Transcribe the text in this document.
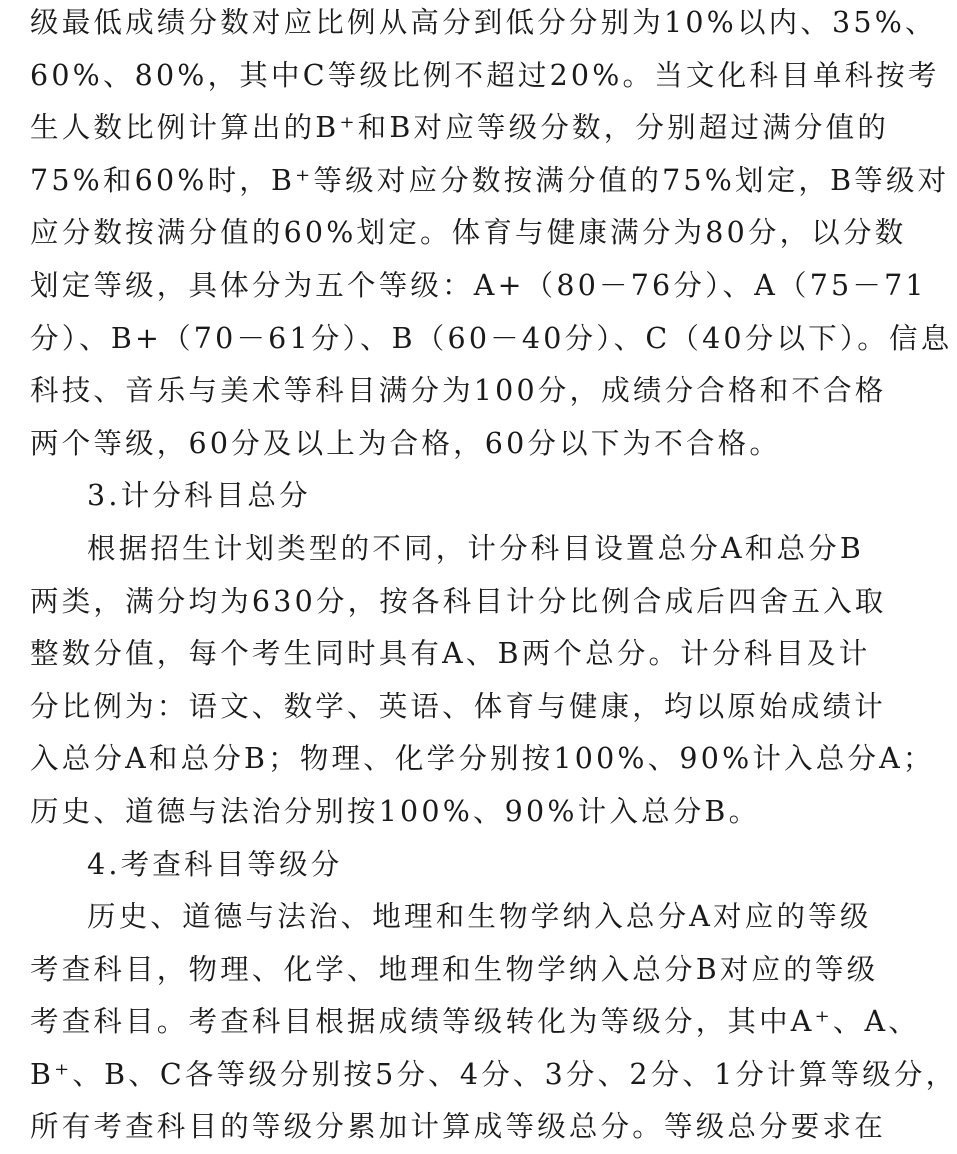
级最低成绩分数对应比例从高分到低分分别为10%以内、35%、
60%、80%，其中C等级比例不超过20%。当文化科目单科按考
生人数比例计算出的B⁺和B对应等级分数，分别超过满分值的
75%和60%时，B⁺等级对应分数按满分值的75%划定，B等级对
应分数按满分值的60%划定。体育与健康满分为80分，以分数
划定等级，具体分为五个等级：A+（80－76分）、A（75－71
分）、B+（70－61分）、B（60－40分）、C（40分以下）。信息
科技、音乐与美术等科目满分为100分，成绩分合格和不合格
两个等级，60分及以上为合格，60分以下为不合格。
3.计分科目总分
根据招生计划类型的不同，计分科目设置总分A和总分B
两类，满分均为630分，按各科目计分比例合成后四舍五入取
整数分值，每个考生同时具有A、B两个总分。计分科目及计
分比例为：语文、数学、英语、体育与健康，均以原始成绩计
入总分A和总分B；物理、化学分别按100%、90%计入总分A；
历史、道德与法治分别按100%、90%计入总分B。
4.考查科目等级分
历史、道德与法治、地理和生物学纳入总分A对应的等级
考查科目，物理、化学、地理和生物学纳入总分B对应的等级
考查科目。考查科目根据成绩等级转化为等级分，其中A⁺、A、
B⁺、B、C各等级分别按5分、4分、3分、2分、1分计算等级分，
所有考查科目的等级分累加计算成等级总分。等级总分要求在
